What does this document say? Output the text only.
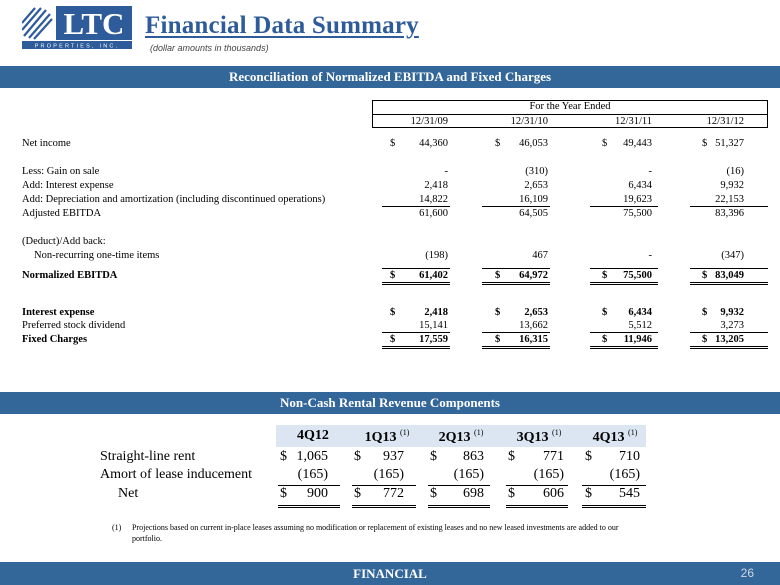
LTC
PROPERTIES, INC.
Financial Data Summary
(dollar amounts in thousands)
Reconciliation of Normalized EBITDA and Fixed Charges
For the Year Ended
12/31/09	12/31/10	12/31/11	12/31/12
Net income	$	44,360	$	46,053	$	49,443	$ 51,327
Less: Gain on sale	-	(310)	-	(16)
Add: Interest expense	2,418	2,653	6,434	9,932
Add: Depreciation and amortization (including discontinued operations)	14,822	16,109	19,623	22,153
Adjusted EBITDA	61,600	64,505	75,500	83,396
(Deduct)/Add back:
Non-recurring one-time items	(198)	467	-	(347)
Normalized EBITDA	$	61,402	$	64,972	$	75,500	$ 83,049
Interest expense	$	2,418	$	2,653	$	6,434	$	9,932
Preferred stock dividend	15,141	13,662	5,512	3,273
Fixed Charges	$	17,559	$	16,315	$	11,946	$ 13,205
Non-Cash Rental Revenue Components
4Q12	1Q13 $^{(1)}$	2Q13 $^{(1)}$	3Q13 $^{(1)}$	4Q13 $^{(1)}$
Straight-line rent	$ 1,065 $	937 $	863 $	771 $	710
Amort of lease inducement	(165)	(165)	(165)	(165)	(165)
Net	$	900 $	772 $	698 $	606 $	545
(1) Projections based on current in-place leases assuming no modification or replacement of existing leases and no new leased investments are added to our portfolio.
FINANCIAL	26
